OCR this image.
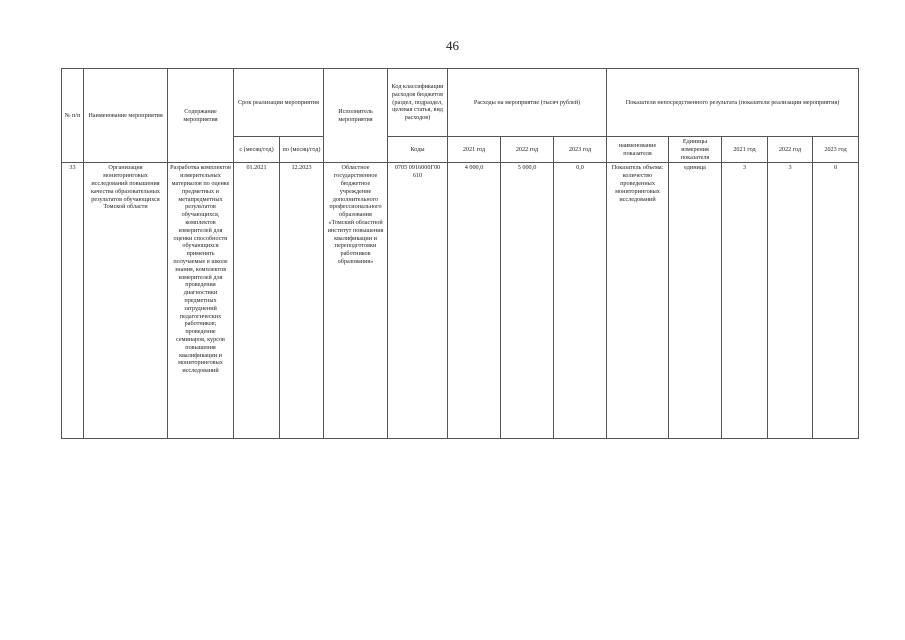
46
№ п/п	Наименование мероприятия	Содержание мероприятия	Срок реализации мероприятия		Исполнитель мероприятия	Код классификации расходов бюджетов (раздел, подраздел, целевая статья, вид расходов)	Расходы на мероприятие (тысяч рублей)			Показатели непосредственного результата (показатели реализации мероприятия)				
			с (месяц/год)	по (месяц/год)		Коды	2021 год	2022 год	2023 год	наименование показателя	Единицы измерения показателя	2021 год	2022 год	2023 год
33	Организация мониторинговых исследований повышения качества образовательных результатов обучающихся Томской области	Разработка комплектов измерительных материалов по оценке предметных и метапредметных результатов обучающихся, комплектов измерителей для оценки способности обучающихся применять получаемые в школе знания, комплектов измерителей для проведения диагностики предметных затруднений педагогических работников; проведение семинаров, курсов повышения квалификации и мониторинговых исследований	01.2021	12.2023	Областное государственное бюджетное учреждение дополнительного профессионального образования «Томский областной институт повышения квалификации и переподготовки работников образования»	0705 0916000Г00 610	4 000,0	5 000,0	0,0	Показатель объема: количество проведенных мониторинговых исследований	единица	3	3	0
